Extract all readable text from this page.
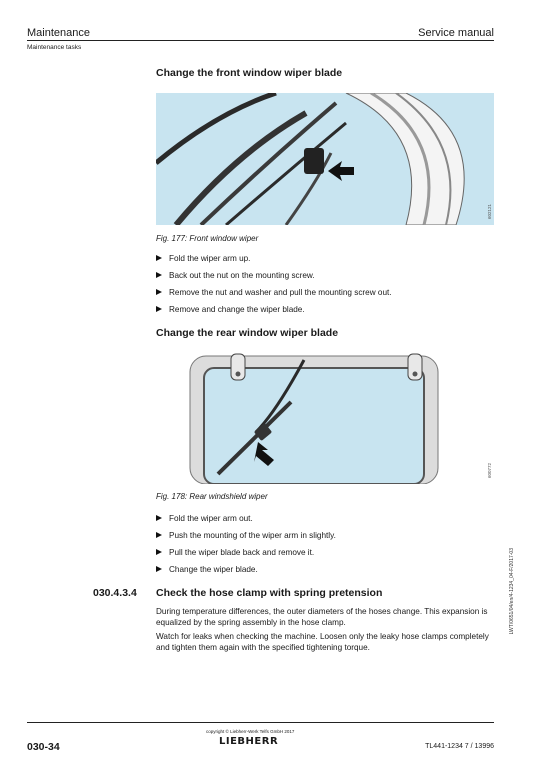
Maintenance	Service manual
Maintenance tasks
Change the front window wiper blade
602121
Fig. 177: Front window wiper
Fold the wiper arm up.
Back out the nut on the mounting screw.
Remove the nut and washer and pull the mounting screw out.
Remove and change the wiper blade.
Change the rear window wiper blade
600772
Fig. 178: Rear windshield wiper
Fold the wiper arm out.
Push the mounting of the wiper arm in slightly.
Pull the wiper blade back and remove it.
Change the wiper blade.
030.4.3.4 Check the hose clamp with spring pretension
During temperature differences, the outer diameters of the hoses change. This expansion is equalized by the spring assembly in the hose clamp.
Watch for leaks when checking the machine. Loosen only the leaky hose clamps completely and tighten them again with the specified tightening torque.
LWT/0651/04/en/4-1234_04-F/2017-03
030-34
copyright © Liebherr-Werk Telfs GmbH 2017
LIEBHERR	TL441-1234 7 / 13996
